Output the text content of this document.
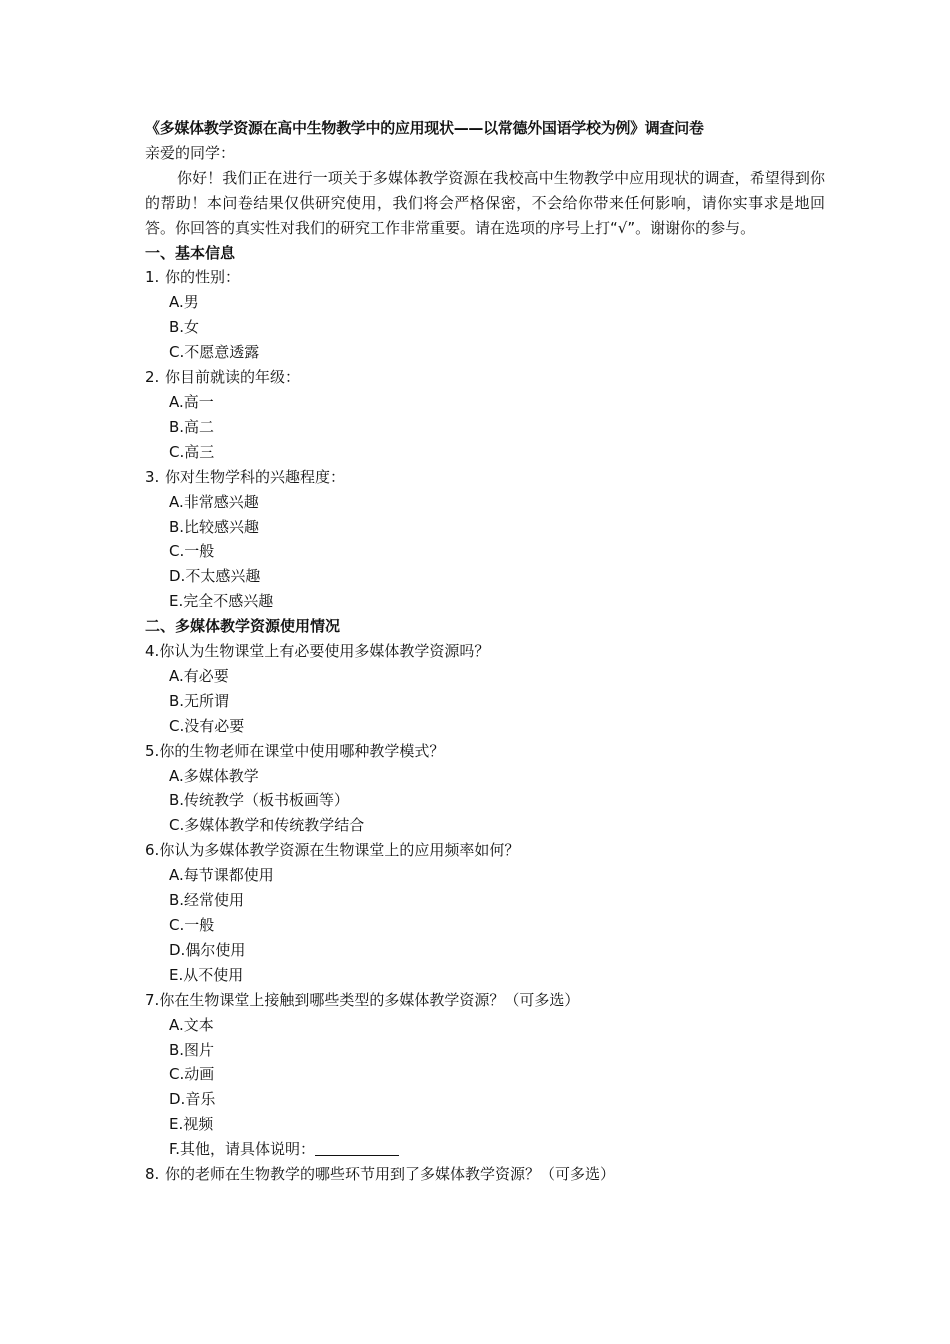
《多媒体教学资源在高中生物教学中的应用现状——以常德外国语学校为例》调查问卷
亲爱的同学：
你好！我们正在进行一项关于多媒体教学资源在我校高中生物教学中应用现状的调查，希望得到你的帮助！本问卷结果仅供研究使用，我们将会严格保密，不会给你带来任何影响，请你实事求是地回答。你回答的真实性对我们的研究工作非常重要。请在选项的序号上打“√”。谢谢你的参与。
一、基本信息
1. 你的性别：
A.男
B.女
C.不愿意透露
2. 你目前就读的年级：
A.高一
B.高二
C.高三
3. 你对生物学科的兴趣程度：
A.非常感兴趣
B.比较感兴趣
C.一般
D.不太感兴趣
E.完全不感兴趣
二、多媒体教学资源使用情况
4.你认为生物课堂上有必要使用多媒体教学资源吗？
A.有必要
B.无所谓
C.没有必要
5.你的生物老师在课堂中使用哪种教学模式？
A.多媒体教学
B.传统教学（板书板画等）
C.多媒体教学和传统教学结合
6.你认为多媒体教学资源在生物课堂上的应用频率如何？
A.每节课都使用
B.经常使用
C.一般
D.偶尔使用
E.从不使用
7.你在生物课堂上接触到哪些类型的多媒体教学资源？（可多选）
A.文本
B.图片
C.动画
D.音乐
E.视频
F.其他，请具体说明：
8. 你的老师在生物教学的哪些环节用到了多媒体教学资源？（可多选）
